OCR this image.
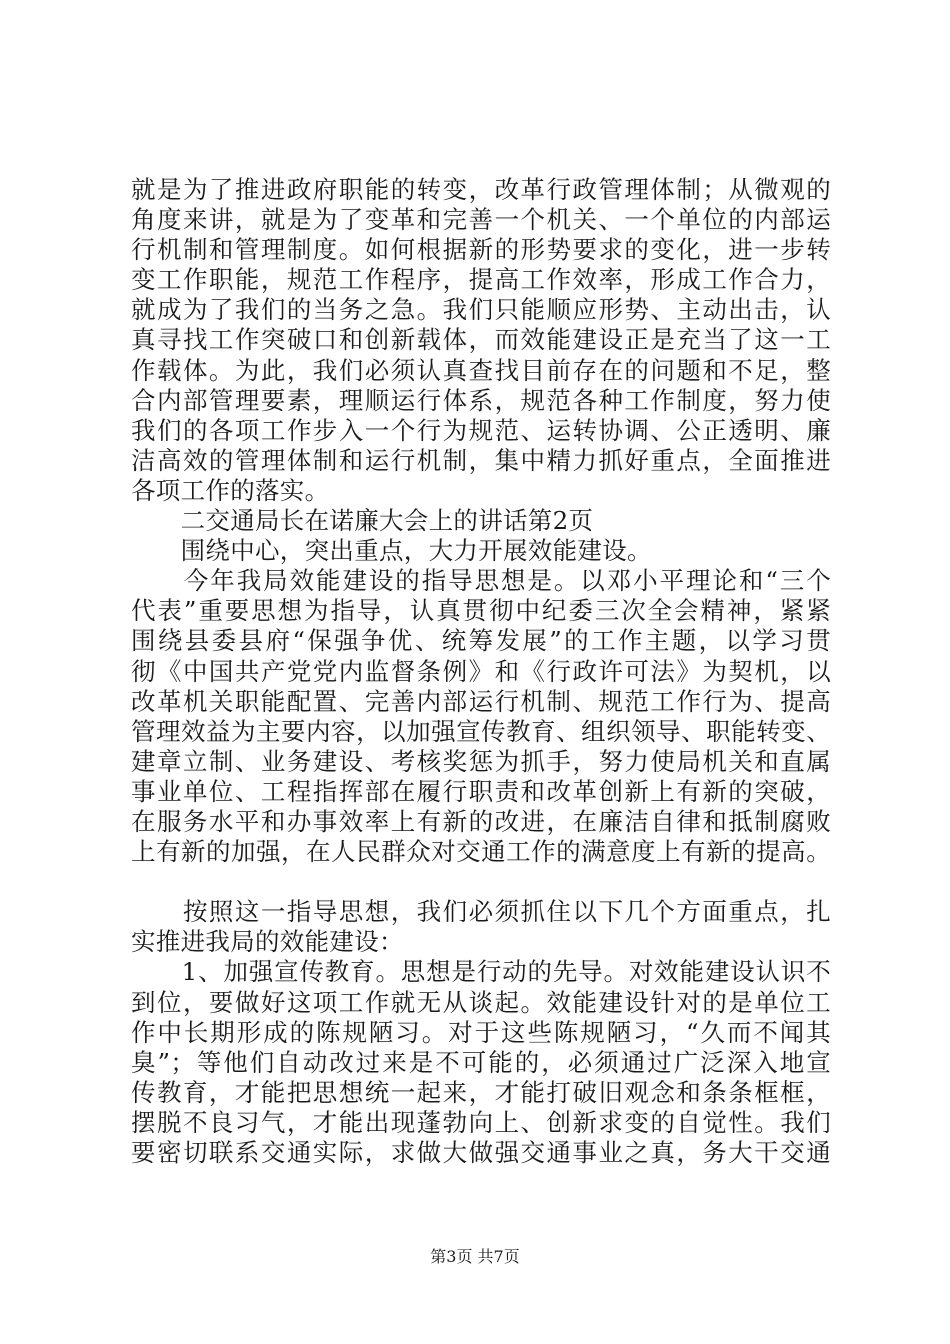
就是为了推进政府职能的转变，改革行政管理体制；从微观的
角度来讲，就是为了变革和完善一个机关、一个单位的内部运
行机制和管理制度。如何根据新的形势要求的变化，进一步转
变工作职能，规范工作程序，提高工作效率，形成工作合力，
就成为了我们的当务之急。我们只能顺应形势、主动出击，认
真寻找工作突破口和创新载体，而效能建设正是充当了这一工
作载体。为此，我们必须认真查找目前存在的问题和不足，整
合内部管理要素，理顺运行体系，规范各种工作制度，努力使
我们的各项工作步入一个行为规范、运转协调、公正透明、廉
洁高效的管理体制和运行机制，集中精力抓好重点，全面推进
各项工作的落实。
　　二交通局长在诺廉大会上的讲话第2页
　　围绕中心，突出重点，大力开展效能建设。
　　今年我局效能建设的指导思想是。以邓小平理论和“三个
代表”重要思想为指导，认真贯彻中纪委三次全会精神，紧紧
围绕县委县府“保强争优、统筹发展”的工作主题，以学习贯
彻《中国共产党党内监督条例》和《行政许可法》为契机，以
改革机关职能配置、完善内部运行机制、规范工作行为、提高
管理效益为主要内容，以加强宣传教育、组织领导、职能转变、
建章立制、业务建设、考核奖惩为抓手，努力使局机关和直属
事业单位、工程指挥部在履行职责和改革创新上有新的突破，
在服务水平和办事效率上有新的改进，在廉洁自律和抵制腐败
上有新的加强，在人民群众对交通工作的满意度上有新的提高。
　　按照这一指导思想，我们必须抓住以下几个方面重点，扎
实推进我局的效能建设：
　　1、加强宣传教育。思想是行动的先导。对效能建设认识不
到位，要做好这项工作就无从谈起。效能建设针对的是单位工
作中长期形成的陈规陋习。对于这些陈规陋习，“久而不闻其
臭”；等他们自动改过来是不可能的，必须通过广泛深入地宣
传教育，才能把思想统一起来，才能打破旧观念和条条框框，
摆脱不良习气，才能出现蓬勃向上、创新求变的自觉性。我们
要密切联系交通实际，求做大做强交通事业之真，务大干交通
第3页 共7页
